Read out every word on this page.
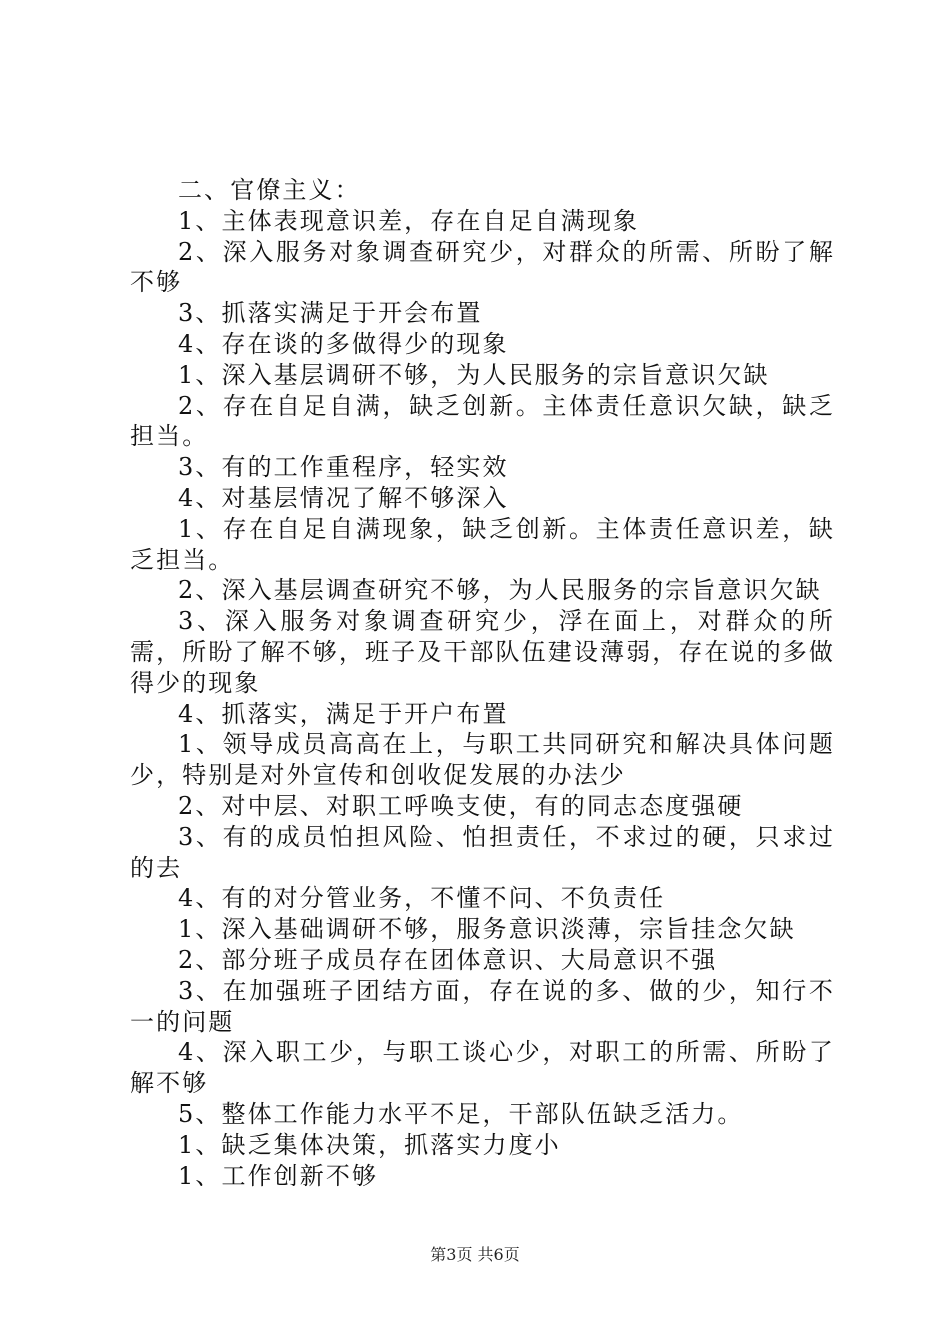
二、官僚主义：

1、主体表现意识差，存在自足自满现象

2、深入服务对象调查研究少，对群众的所需、所盼了解不够

3、抓落实满足于开会布置

4、存在谈的多做得少的现象

1、深入基层调研不够，为人民服务的宗旨意识欠缺

2、存在自足自满，缺乏创新。主体责任意识欠缺，缺乏担当。

3、有的工作重程序，轻实效

4、对基层情况了解不够深入

1、存在自足自满现象，缺乏创新。主体责任意识差，缺乏担当。

2、深入基层调查研究不够，为人民服务的宗旨意识欠缺

3、深入服务对象调查研究少，浮在面上，对群众的所需，所盼了解不够，班子及干部队伍建设薄弱，存在说的多做得少的现象

4、抓落实，满足于开户布置

1、领导成员高高在上，与职工共同研究和解决具体问题少，特别是对外宣传和创收促发展的办法少

2、对中层、对职工呼唤支使，有的同志态度强硬

3、有的成员怕担风险、怕担责任，不求过的硬，只求过的去

4、有的对分管业务，不懂不问、不负责任

1、深入基础调研不够，服务意识淡薄，宗旨挂念欠缺

2、部分班子成员存在团体意识、大局意识不强

3、在加强班子团结方面，存在说的多、做的少，知行不一的问题

4、深入职工少，与职工谈心少，对职工的所需、所盼了解不够

5、整体工作能力水平不足，干部队伍缺乏活力。

1、缺乏集体决策，抓落实力度小

1、工作创新不够

第3页 共6页
